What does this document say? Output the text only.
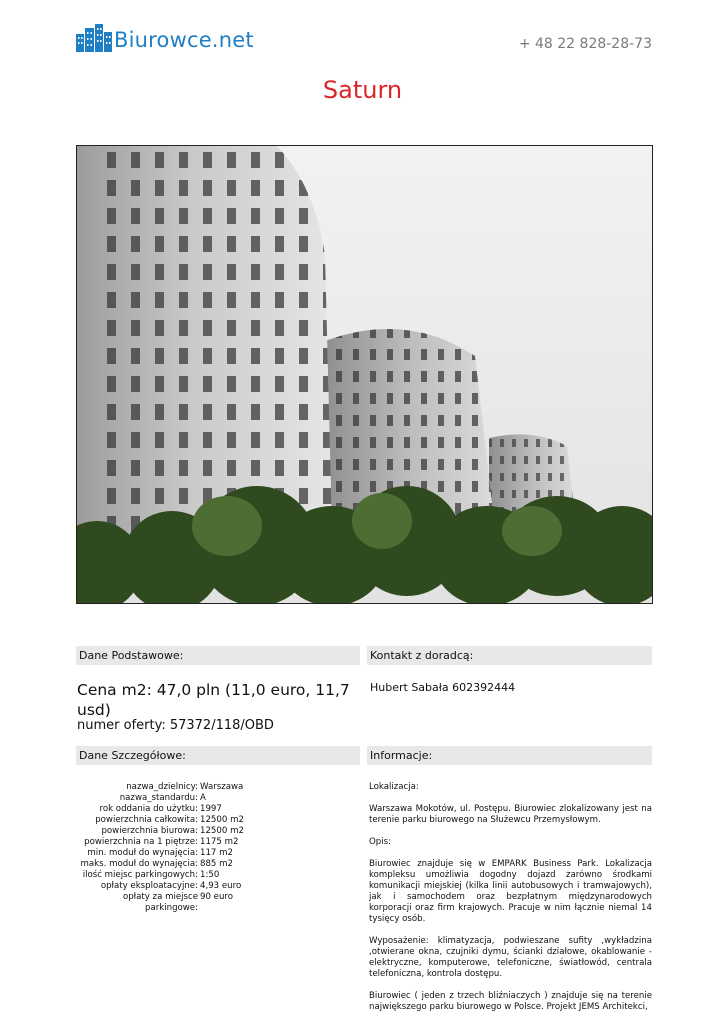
Biurowce.net	+ 48 22 828-28-73
Saturn
Dane Podstawowe:	Kontakt z doradcą:
Cena m2: 47,0 pln (11,0 euro, 11,7 usd)
numer oferty: 57372/118/OBD
Hubert Sabała 602392444
Dane Szczegółowe:	Informacje:
nazwa_dzielnicy: Warszawa
nazwa_standardu: A
rok oddania do użytku: 1997
powierzchnia całkowita: 12500 m2
powierzchnia biurowa: 12500 m2
powierzchnia na 1 piętrze: 1175 m2
min. moduł do wynajęcia: 117 m2
maks. moduł do wynajęcia: 885 m2
ilość miejsc parkingowych: 1:50
opłaty eksploatacyjne: 4,93 euro
opłaty za miejsce parkingowe:
90 euro

Lokalizacja:

Warszawa Mokotów, ul. Postępu. Biurowiec zlokalizowany jest na terenie parku biurowego na Służewcu Przemysłowym.

Opis:

Biurowiec znajduje się w EMPARK Business Park. Lokalizacja kompleksu umożliwia dogodny dojazd zarówno środkami komunikacji miejskiej (kilka linii autobusowych i tramwajowych), jak i samochodem oraz bezpłatnym międzynarodowych korporacji oraz firm krajowych. Pracuje w nim łącznie niemal 14 tysięcy osób.

Wyposażenie: klimatyzacja, podwieszane sufity ,wykładzina ,otwierane okna, czujniki dymu, ścianki działowe, okablowanie - elektryczne, komputerowe, telefoniczne, światłowód, centrala telefoniczna, kontrola dostępu.

Biurowiec ( jeden z trzech bliźniaczych ) znajduje się na terenie największego parku biurowego w Polsce. Projekt JEMS Architekci,
